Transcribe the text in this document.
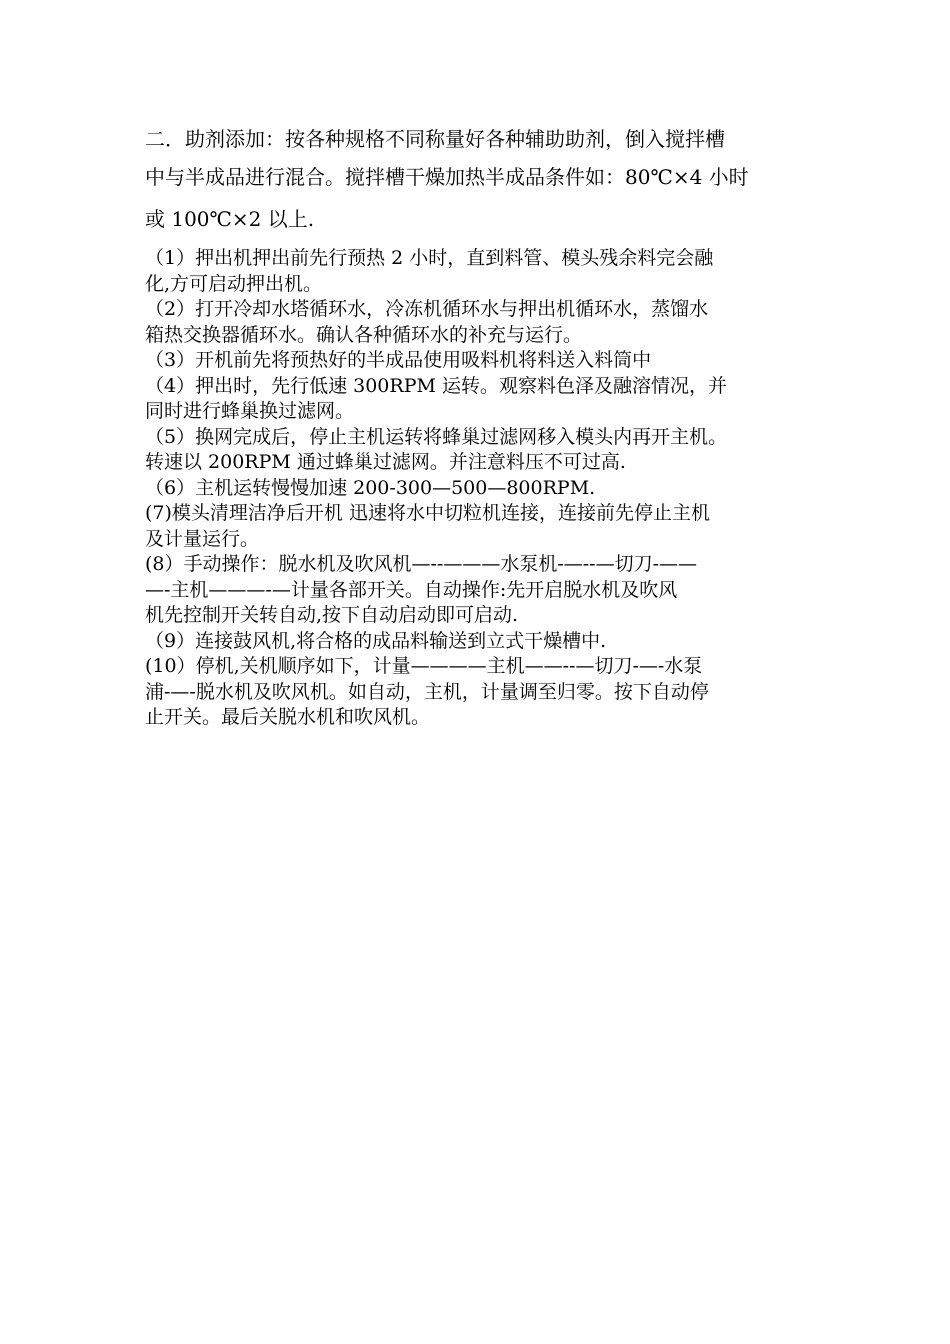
二．助剂添加：按各种规格不同称量好各种辅助助剂，倒入搅拌槽
中与半成品进行混合。搅拌槽干燥加热半成品条件如：80℃×4 小时
或 100℃×2 以上.
（1）押出机押出前先行预热 2 小时，直到料管、模头残余料完会融
化,方可启动押出机。
（2）打开冷却水塔循环水，冷冻机循环水与押出机循环水，蒸馏水
箱热交换器循环水。确认各种循环水的补充与运行。
（3）开机前先将预热好的半成品使用吸料机将料送入料筒中
（4）押出时，先行低速 300RPM 运转。观察料色泽及融溶情况，并
同时进行蜂巢换过滤网。
（5）换网完成后，停止主机运转将蜂巢过滤网移入模头内再开主机。
转速以 200RPM 通过蜂巢过滤网。并注意料压不可过高.
（6）主机运转慢慢加速 200-300—500—800RPM.
(7)模头清理洁净后开机 迅速将水中切粒机连接，连接前先停止主机
及计量运行。
(8）手动操作：脱水机及吹风机—--———水泵机-—--—切刀-——
—-主机———-—计量各部开关。自动操作:先开启脱水机及吹风
机先控制开关转自动,按下自动启动即可启动.
（9）连接鼓风机,将合格的成品料输送到立式干燥槽中.
(10）停机,关机顺序如下，计量————主机——--—切刀-—-水泵
浦-—-脱水机及吹风机。如自动，主机，计量调至归零。按下自动停
止开关。最后关脱水机和吹风机。
